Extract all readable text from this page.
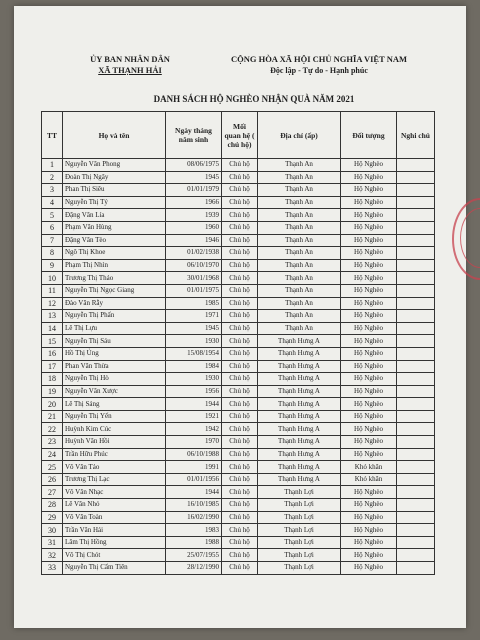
ỦY BAN NHÂN DÂN
XÃ THẠNH HẢI
CỘNG HÒA XÃ HỘI CHỦ NGHĨA VIỆT NAM
Độc lập - Tự do - Hạnh phúc
DANH SÁCH HỘ NGHÈO NHẬN QUÀ NĂM 2021
TT	Họ và tên	Ngày tháng năm sinh	Mối quan hệ ( chủ hộ)	Địa chỉ (ấp)	Đối tượng	Nghi chú
1	Nguyễn Văn Phong	08/06/1975	Chủ hộ	Thạnh An	Hộ Nghèo	
2	Đoàn Thị Ngây	1945	Chủ hộ	Thạnh An	Hộ Nghèo	
3	Phan Thị Siêu	01/01/1979	Chủ hộ	Thạnh An	Hộ Nghèo	
4	Nguyễn Thị Tý	1966	Chủ hộ	Thạnh An	Hộ Nghèo	
5	Đặng Văn Lía	1939	Chủ hộ	Thạnh An	Hộ Nghèo	
6	Phạm Văn Hùng	1960	Chủ hộ	Thạnh An	Hộ Nghèo	
7	Đặng Văn Tèo	1946	Chủ hộ	Thạnh An	Hộ Nghèo	
8	Ngô Thị Khoe	01/02/1938	Chủ hộ	Thạnh An	Hộ Nghèo	
9	Phạm Thị Nhìn	06/10/1970	Chủ hộ	Thạnh An	Hộ Nghèo	
10	Trương Thị Thảo	30/01/1968	Chủ hộ	Thạnh An	Hộ Nghèo	
11	Nguyễn Thị Ngọc Giang	01/01/1975	Chủ hộ	Thạnh An	Hộ Nghèo	
12	Đào Văn Rẫy	1985	Chủ hộ	Thạnh An	Hộ Nghèo	
13	Nguyễn Thị Phấn	1971	Chủ hộ	Thạnh An	Hộ Nghèo	
14	Lê Thị Lựu	1945	Chủ hộ	Thạnh An	Hộ Nghèo	
15	Nguyễn Thị Sáu	1930	Chủ hộ	Thạnh Hưng A	Hộ Nghèo	
16	Hồ Thị Ủng	15/08/1954	Chủ hộ	Thạnh Hưng A	Hộ Nghèo	
17	Phan Văn Thừa	1984	Chủ hộ	Thạnh Hưng A	Hộ Nghèo	
18	Nguyễn Thị Hò	1930	Chủ hộ	Thạnh Hưng A	Hộ Nghèo	
19	Nguyễn Văn Xược	1956	Chủ hộ	Thạnh Hưng A	Hộ Nghèo	
20	Lê Thị Sáng	1944	Chủ hộ	Thạnh Hưng A	Hộ Nghèo	
21	Nguyễn Thị Yến	1921	Chủ hộ	Thạnh Hưng A	Hộ Nghèo	
22	Huỳnh Kim Cúc	1942	Chủ hộ	Thạnh Hưng A	Hộ Nghèo	
23	Huỳnh Văn Hồi	1970	Chủ hộ	Thạnh Hưng A	Hộ Nghèo	
24	Trần Hữu Phúc	06/10/1988	Chủ hộ	Thạnh Hưng A	Hộ Nghèo	
25	Võ Văn Tảo	1991	Chủ hộ	Thạnh Hưng A	Khó khăn	
26	Trương Thị Lạc	01/01/1956	Chủ hộ	Thạnh Hưng A	Khó khăn	
27	Võ Văn Nhạc	1944	Chủ hộ	Thạnh Lợi	Hộ Nghèo	
28	Lê Văn Nhỏ	16/10/1985	Chủ hộ	Thạnh Lợi	Hộ Nghèo	
29	Võ Văn Toàn	16/02/1990	Chủ hộ	Thạnh Lợi	Hộ Nghèo	
30	Trần Văn Hải	1983	Chủ hộ	Thạnh Lợi	Hộ Nghèo	
31	Lâm Thị Hồng	1988	Chủ hộ	Thạnh Lợi	Hộ Nghèo	
32	Võ Thị Chót	25/07/1955	Chủ hộ	Thạnh Lợi	Hộ Nghèo	
33	Nguyễn Thị Cẩm Tiên	28/12/1990	Chủ hộ	Thạnh Lợi	Hộ Nghèo	
